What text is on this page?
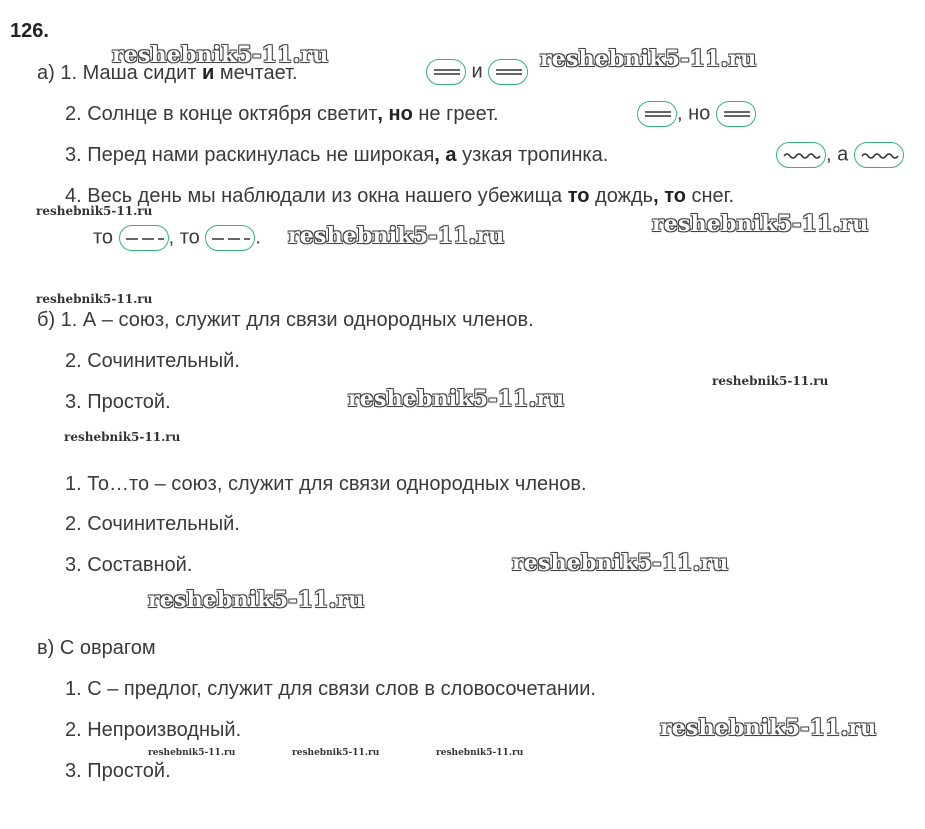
126.
а) 1. Маша сидит и мечтает.	и
2. Солнце в конце октября светит, но не греет.	, но
3. Перед нами раскинулась не широкая, а узкая тропинка.	, а
4. Весь день мы наблюдали из окна нашего убежища то дождь, то снег.
то	, то	.
б) 1. А – союз, служит для связи однородных членов.
2. Сочинительный.
3. Простой.
1. То…то – союз, служит для связи однородных членов.
2. Сочинительный.
3. Составной.
в) С оврагом
1. С – предлог, служит для связи слов в словосочетании.
2. Непроизводный.
3. Простой.
reshebnik5-11.ru	reshebnik5-11.ru
reshebnik5-11.ru	reshebnik5-11.ru
reshebnik5-11.ru
reshebnik5-11.ru
reshebnik5-11.ru
reshebnik5-11.ru
reshebnik5-11.ru
reshebnik5-11.ru
reshebnik5-11.ru
reshebnik5-11.ru
reshebnik5-11.ru	reshebnik5-11.ru	reshebnik5-11.ru
